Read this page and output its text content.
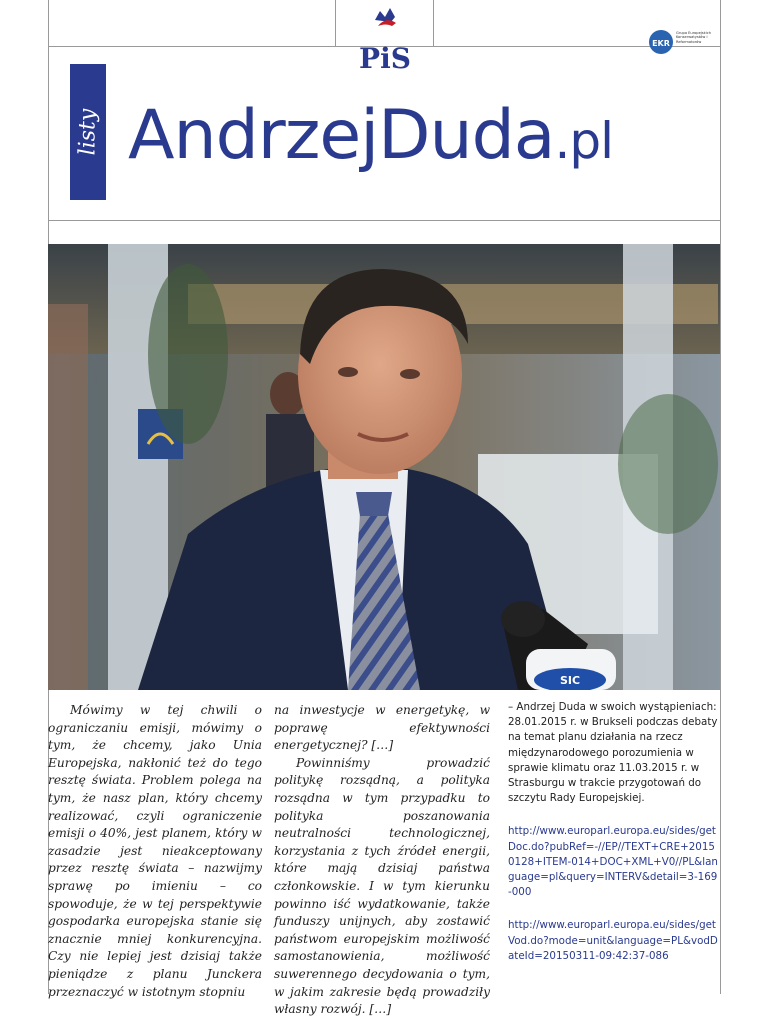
PiS	EKR
Grupa Europejskich Konserwatystów i Reformatorów
listy AndrzejDuda.pl
SIC

Mówimy w tej chwili o ograniczaniu emisji, mówimy o tym, że chcemy, jako Unia Europejska, nakłonić też do tego resztę świata. Problem polega na tym, że nasz plan, który chcemy realizować, czyli ograniczenie emisji o 40%, jest planem, który w zasadzie jest nieakceptowany przez resztę świata – nazwijmy sprawę po imieniu – co spowoduje, że w tej perspektywie gospodarka europejska stanie się znacznie mniej konkurencyjna. Czy nie lepiej jest dzisiaj także pieniądze z planu Junckera przeznaczyć w istotnym stopniu

na inwestycje w energetykę, w poprawę efektywności energetycznej? […]

Powinniśmy prowadzić politykę rozsądną, a polityka rozsądna w tym przypadku to polityka poszanowania neutralności technologicznej, korzystania z tych źródeł energii, które mają dzisiaj państwa członkowskie. I w tym kierunku powinno iść wydatkowanie, także funduszy unijnych, aby zostawić państwom europejskim możliwość samostanowienia, możliwość suwerennego decydowania o tym, w jakim zakresie będą prowadziły własny rozwój. […]

– Andrzej Duda w swoich wystąpieniach: 28.01.2015 r. w Brukseli podczas debaty na temat planu działania na rzecz międzynarodowego porozumienia w sprawie klimatu oraz 11.03.2015 r. w Strasburgu w trakcie przygotowań do szczytu Rady Europejskiej.

http://www.europarl.europa.eu/sides/getDoc.do?pubRef=-//EP//TEXT+CRE+20150128+ITEM-014+DOC+XML+V0//PL&language=pl&query=INTERV&detail=3-169-000

http://www.europarl.europa.eu/sides/getVod.do?mode=unit&language=PL&vodDateId=20150311-09:42:37-086
